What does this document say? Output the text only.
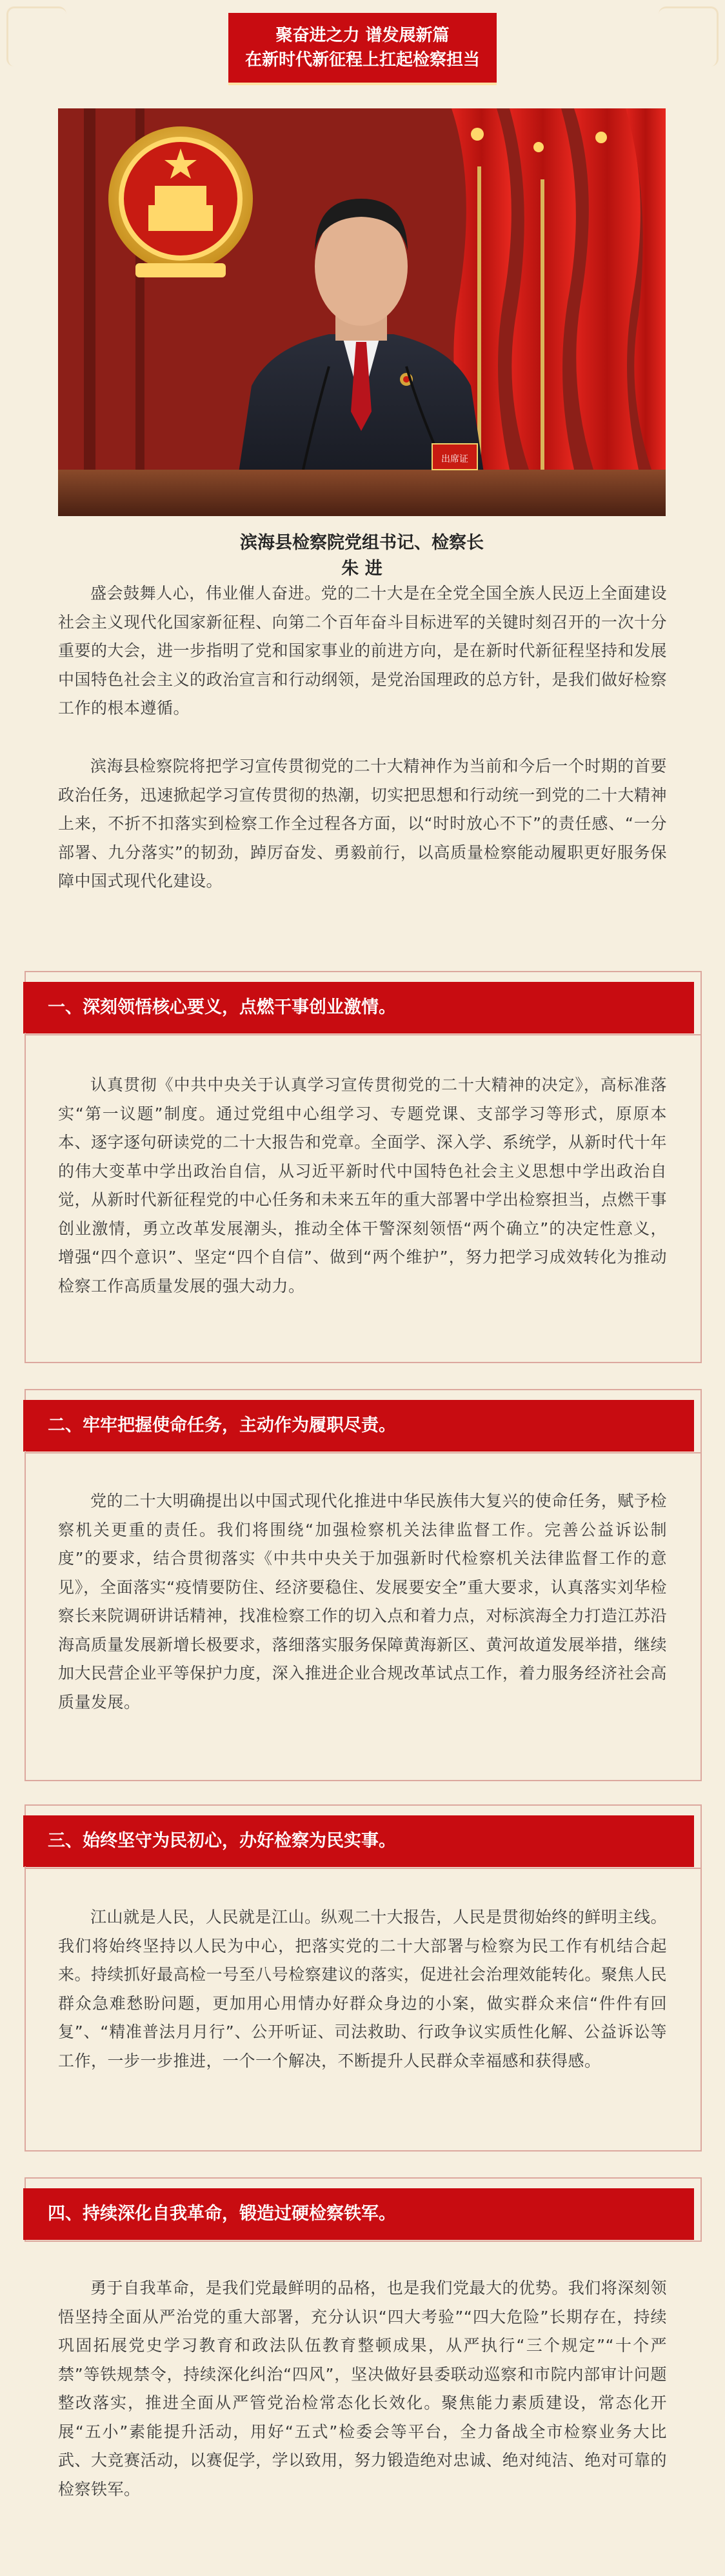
聚奋进之力 谱发展新篇
在新时代新征程上扛起检察担当
出席证
滨海县检察院党组书记、检察长
朱 进

盛会鼓舞人心，伟业催人奋进。党的二十大是在全党全国全族人民迈上全面建设社会主义现代化国家新征程、向第二个百年奋斗目标进军的关键时刻召开的一次十分重要的大会，进一步指明了党和国家事业的前进方向，是在新时代新征程坚持和发展中国特色社会主义的政治宣言和行动纲领，是党治国理政的总方针，是我们做好检察工作的根本遵循。

滨海县检察院将把学习宣传贯彻党的二十大精神作为当前和今后一个时期的首要政治任务，迅速掀起学习宣传贯彻的热潮，切实把思想和行动统一到党的二十大精神上来，不折不扣落实到检察工作全过程各方面，以“时时放心不下”的责任感、“一分部署、九分落实”的韧劲，踔厉奋发、勇毅前行，以高质量检察能动履职更好服务保障中国式现代化建设。

一、深刻领悟核心要义，点燃干事创业激情。

认真贯彻《中共中央关于认真学习宣传贯彻党的二十大精神的决定》，高标准落实“第一议题”制度。通过党组中心组学习、专题党课、支部学习等形式，原原本本、逐字逐句研读党的二十大报告和党章。全面学、深入学、系统学，从新时代十年的伟大变革中学出政治自信，从习近平新时代中国特色社会主义思想中学出政治自觉，从新时代新征程党的中心任务和未来五年的重大部署中学出检察担当，点燃干事创业激情，勇立改革发展潮头，推动全体干警深刻领悟“两个确立”的决定性意义，增强“四个意识”、坚定“四个自信”、做到“两个维护”，努力把学习成效转化为推动检察工作高质量发展的强大动力。

二、牢牢把握使命任务，主动作为履职尽责。

党的二十大明确提出以中国式现代化推进中华民族伟大复兴的使命任务，赋予检察机关更重的责任。我们将围绕“加强检察机关法律监督工作。完善公益诉讼制度”的要求，结合贯彻落实《中共中央关于加强新时代检察机关法律监督工作的意见》，全面落实“疫情要防住、经济要稳住、发展要安全”重大要求，认真落实刘华检察长来院调研讲话精神，找准检察工作的切入点和着力点，对标滨海全力打造江苏沿海高质量发展新增长极要求，落细落实服务保障黄海新区、黄河故道发展举措，继续加大民营企业平等保护力度，深入推进企业合规改革试点工作，着力服务经济社会高质量发展。

三、始终坚守为民初心，办好检察为民实事。

江山就是人民，人民就是江山。纵观二十大报告，人民是贯彻始终的鲜明主线。我们将始终坚持以人民为中心，把落实党的二十大部署与检察为民工作有机结合起来。持续抓好最高检一号至八号检察建议的落实，促进社会治理效能转化。聚焦人民群众急难愁盼问题，更加用心用情办好群众身边的小案，做实群众来信“件件有回复”、“精准普法月月行”、公开听证、司法救助、行政争议实质性化解、公益诉讼等工作，一步一步推进，一个一个解决，不断提升人民群众幸福感和获得感。

四、持续深化自我革命，锻造过硬检察铁军。

勇于自我革命，是我们党最鲜明的品格，也是我们党最大的优势。我们将深刻领悟坚持全面从严治党的重大部署，充分认识“四大考验”“四大危险”长期存在，持续巩固拓展党史学习教育和政法队伍教育整顿成果，从严执行“三个规定”“十个严禁”等铁规禁令，持续深化纠治“四风”，坚决做好县委联动巡察和市院内部审计问题整改落实，推进全面从严管党治检常态化长效化。聚焦能力素质建设，常态化开展“五小”素能提升活动，用好“五式”检委会等平台，全力备战全市检察业务大比武、大竞赛活动，以赛促学，学以致用，努力锻造绝对忠诚、绝对纯洁、绝对可靠的检察铁军。
